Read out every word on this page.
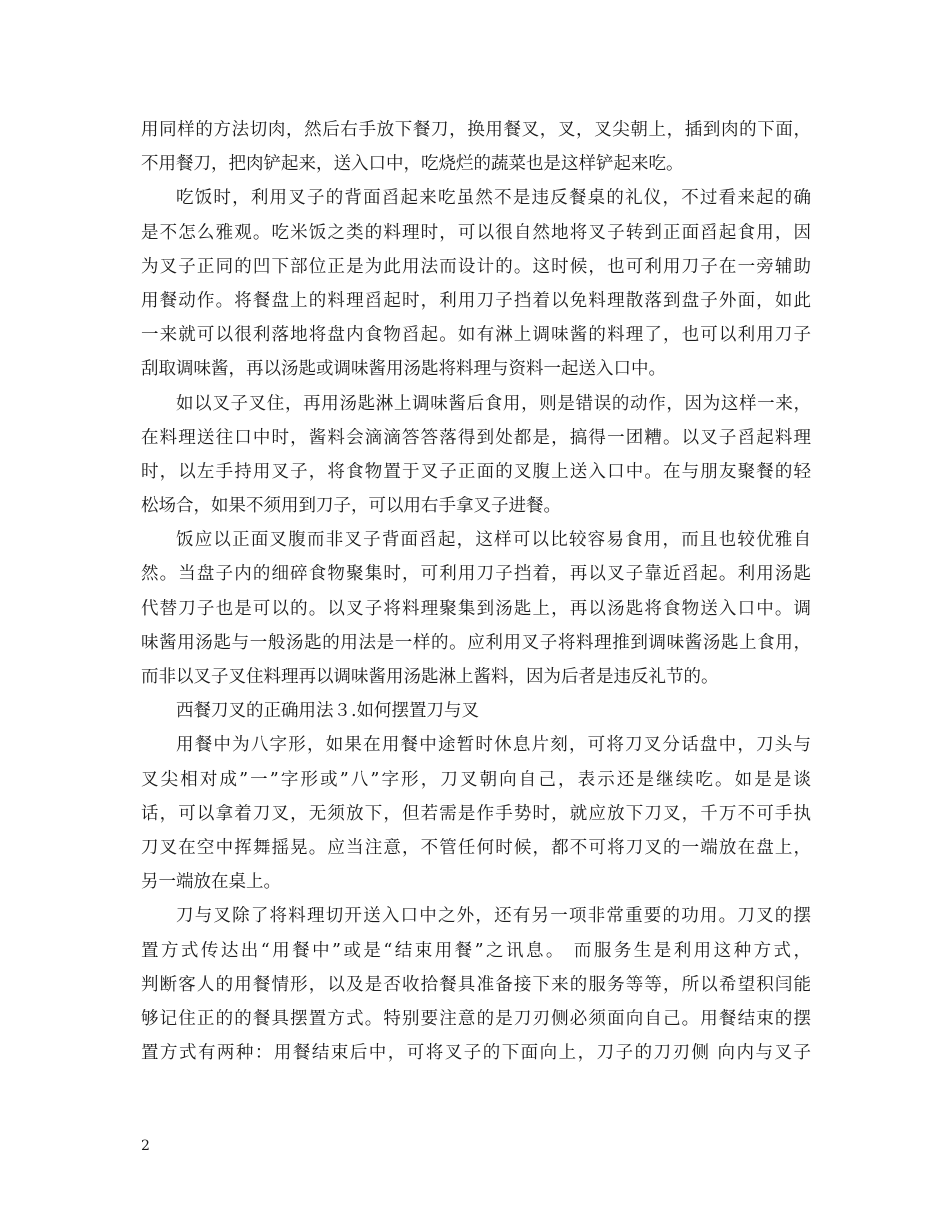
用同样的方法切肉，然后右手放下餐刀，换用餐叉，叉，叉尖朝上，插到肉的下面，
不用餐刀，把肉铲起来，送入口中，吃烧烂的蔬菜也是这样铲起来吃。
吃饭时，利用叉子的背面舀起来吃虽然不是违反餐桌的礼仪，不过看来起的确
是不怎么雅观。吃米饭之类的料理时，可以很自然地将叉子转到正面舀起食用，因
为叉子正同的凹下部位正是为此用法而设计的。这时候，也可利用刀子在一旁辅助
用餐动作。将餐盘上的料理舀起时，利用刀子挡着以免料理散落到盘子外面，如此
一来就可以很利落地将盘内食物舀起。如有淋上调味酱的料理了，也可以利用刀子
刮取调味酱，再以汤匙或调味酱用汤匙将料理与资料一起送入口中。
如以叉子叉住，再用汤匙淋上调味酱后食用，则是错误的动作，因为这样一来，
在料理送往口中时，酱料会滴滴答答落得到处都是，搞得一团糟。以叉子舀起料理
时，以左手持用叉子，将食物置于叉子正面的叉腹上送入口中。在与朋友聚餐的轻
松场合，如果不须用到刀子，可以用右手拿叉子进餐。
饭应以正面叉腹而非叉子背面舀起，这样可以比较容易食用，而且也较优雅自
然。当盘子内的细碎食物聚集时，可利用刀子挡着，再以叉子靠近舀起。利用汤匙
代替刀子也是可以的。以叉子将料理聚集到汤匙上，再以汤匙将食物送入口中。调
味酱用汤匙与一般汤匙的用法是一样的。应利用叉子将料理推到调味酱汤匙上食用，
而非以叉子叉住料理再以调味酱用汤匙淋上酱料，因为后者是违反礼节的。
西餐刀叉的正确用法３.如何摆置刀与叉
用餐中为八字形，如果在用餐中途暂时休息片刻，可将刀叉分话盘中，刀头与
叉尖相对成”一”字形或”八”字形，刀叉朝向自己，表示还是继续吃。如是是谈
话，可以拿着刀叉，无须放下，但若需是作手势时，就应放下刀叉，千万不可手执
刀叉在空中挥舞摇晃。应当注意，不管任何时候，都不可将刀叉的一端放在盘上，
另一端放在桌上。
刀与叉除了将料理切开送入口中之外，还有另一项非常重要的功用。刀叉的摆
置方式传达出“用餐中”或是“结束用餐”之讯息。 而服务生是利用这种方式，
判断客人的用餐情形，以及是否收拾餐具准备接下来的服务等等，所以希望积闫能
够记住正的的餐具摆置方式。特别要注意的是刀刃侧必须面向自己。用餐结束的摆
置方式有两种：用餐结束后中，可将叉子的下面向上，刀子的刀刃侧 向内与叉子
2
